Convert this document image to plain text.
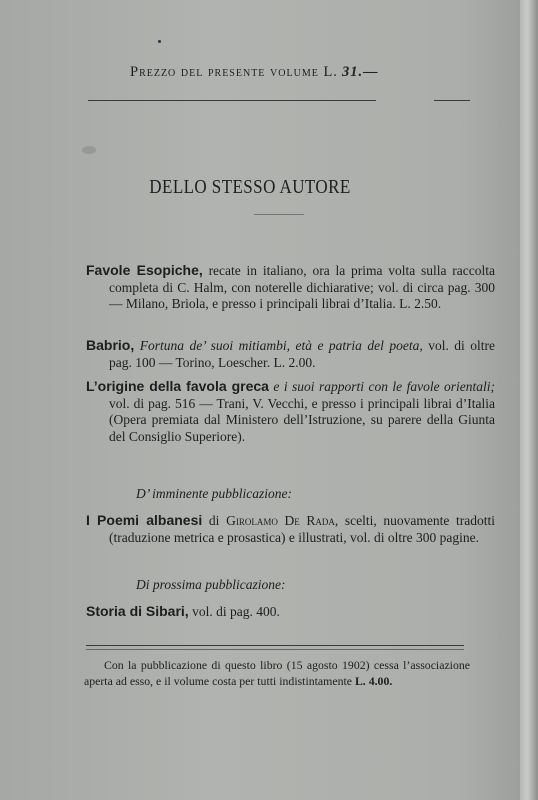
Prezzo del presente volume L. 31.—
DELLO STESSO AUTORE
Favole Esopiche, recate in italiano, ora la prima volta sulla raccolta completa di C. Halm, con noterelle dichiarative; vol. di circa pag. 300 — Milano, Briola, e presso i principali librai d’Italia. L. 2.50.
Babrio, Fortuna de’ suoi mitiambi, età e patria del poeta, vol. di oltre pag. 100 — Torino, Loescher. L. 2.00.
L’origine della favola greca e i suoi rapporti con le favole orientali; vol. di pag. 516 — Trani, V. Vecchi, e presso i principali librai d’Italia (Opera premiata dal Ministero dell’Istruzione, su parere della Giunta del Consiglio Superiore).
D’ imminente pubblicazione:
I Poemi albanesi di Girolamo De Rada, scelti, nuovamente tradotti (traduzione metrica e prosastica) e illustrati, vol. di oltre 300 pagine.
Di prossima pubblicazione:
Storia di Sibari, vol. di pag. 400.
Con la pubblicazione di questo libro (15 agosto 1902) cessa l’associazione aperta ad esso, e il volume costa per tutti indistintamente L. 4.00.
